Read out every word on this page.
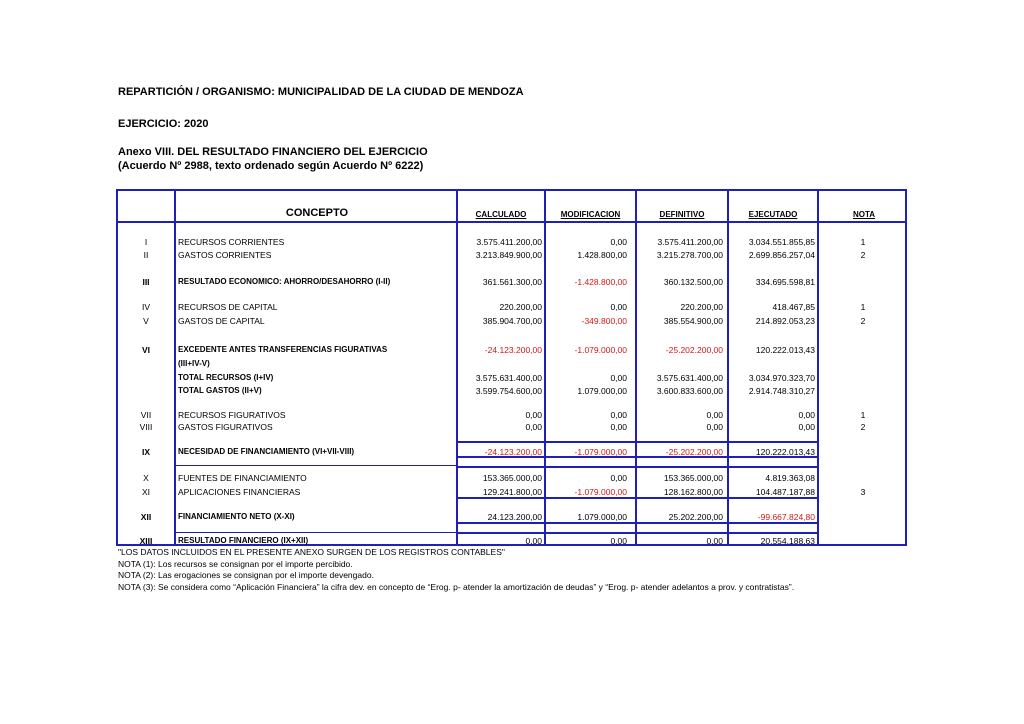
REPARTICIÓN / ORGANISMO: MUNICIPALIDAD DE LA CIUDAD DE MENDOZA

EJERCICIO: 2020

Anexo VIII. DEL RESULTADO FINANCIERO DEL EJERCICIO

(Acuerdo Nº 2988, texto ordenado según Acuerdo Nº 6222)

CONCEPTO	CALCULADO	MODIFICACION	DEFINITIVO	EJECUTADO	NOTA
I	RECURSOS CORRIENTES	3.575.411.200,00	0,00	3.575.411.200,00	3.034.551.855,85	1
II	GASTOS CORRIENTES	3.213.849.900,00	1.428.800,00	3.215.278.700,00	2.699.856.257,04	2
III	RESULTADO ECONOMICO: AHORRO/DESAHORRO (I-II)	361.561.300,00	-1.428.800,00	360.132.500,00	334.695.598,81
IV	RECURSOS DE CAPITAL	220.200,00	0,00	220.200,00	418.467,85	1
V	GASTOS DE CAPITAL	385.904.700,00	-349.800,00	385.554.900,00	214.892.053,23	2
VI	EXCEDENTE ANTES TRANSFERENCIAS FIGURATIVAS	-24.123.200,00	-1.079.000,00	-25.202.200,00	120.222.013,43
(III+IV-V)
TOTAL RECURSOS (I+IV)	3.575.631.400,00	0,00	3.575.631.400,00	3.034.970.323,70
TOTAL GASTOS (II+V)	3.599.754.600,00	1.079.000,00	3.600.833.600,00	2.914.748.310,27
VII	RECURSOS FIGURATIVOS	0,00	0,00	0,00	0,00	1
VIII	GASTOS FIGURATIVOS	0,00	0,00	0,00	0,00	2
IX	NECESIDAD DE FINANCIAMIENTO (VI+VII-VIII)	-24.123.200,00	-1.079.000,00	-25.202.200,00	120.222.013,43
X	FUENTES DE FINANCIAMIENTO	153.365.000,00	0,00	153.365.000,00	4.819.363,08
XI	APLICACIONES FINANCIERAS	129.241.800,00	-1.079.000,00	128.162.800,00	104.487.187,88	3
XII	FINANCIAMIENTO NETO (X-XI)	24.123.200,00	1.079.000,00	25.202.200,00	-99.667.824,80
XIII	RESULTADO FINANCIERO (IX+XII)	0,00	0,00	0,00	20.554.188,63
"LOS DATOS INCLUIDOS EN EL PRESENTE ANEXO SURGEN DE LOS REGISTROS CONTABLES"
NOTA (1): Los recursos se consignan por el importe percibido.
NOTA (2): Las erogaciones se consignan por el importe devengado.
NOTA (3): Se considera como “Aplicación Financiera” la cifra dev. en concepto de “Erog. p- atender la amortización de deudas” y “Erog. p- atender adelantos a prov. y contratistas”.
